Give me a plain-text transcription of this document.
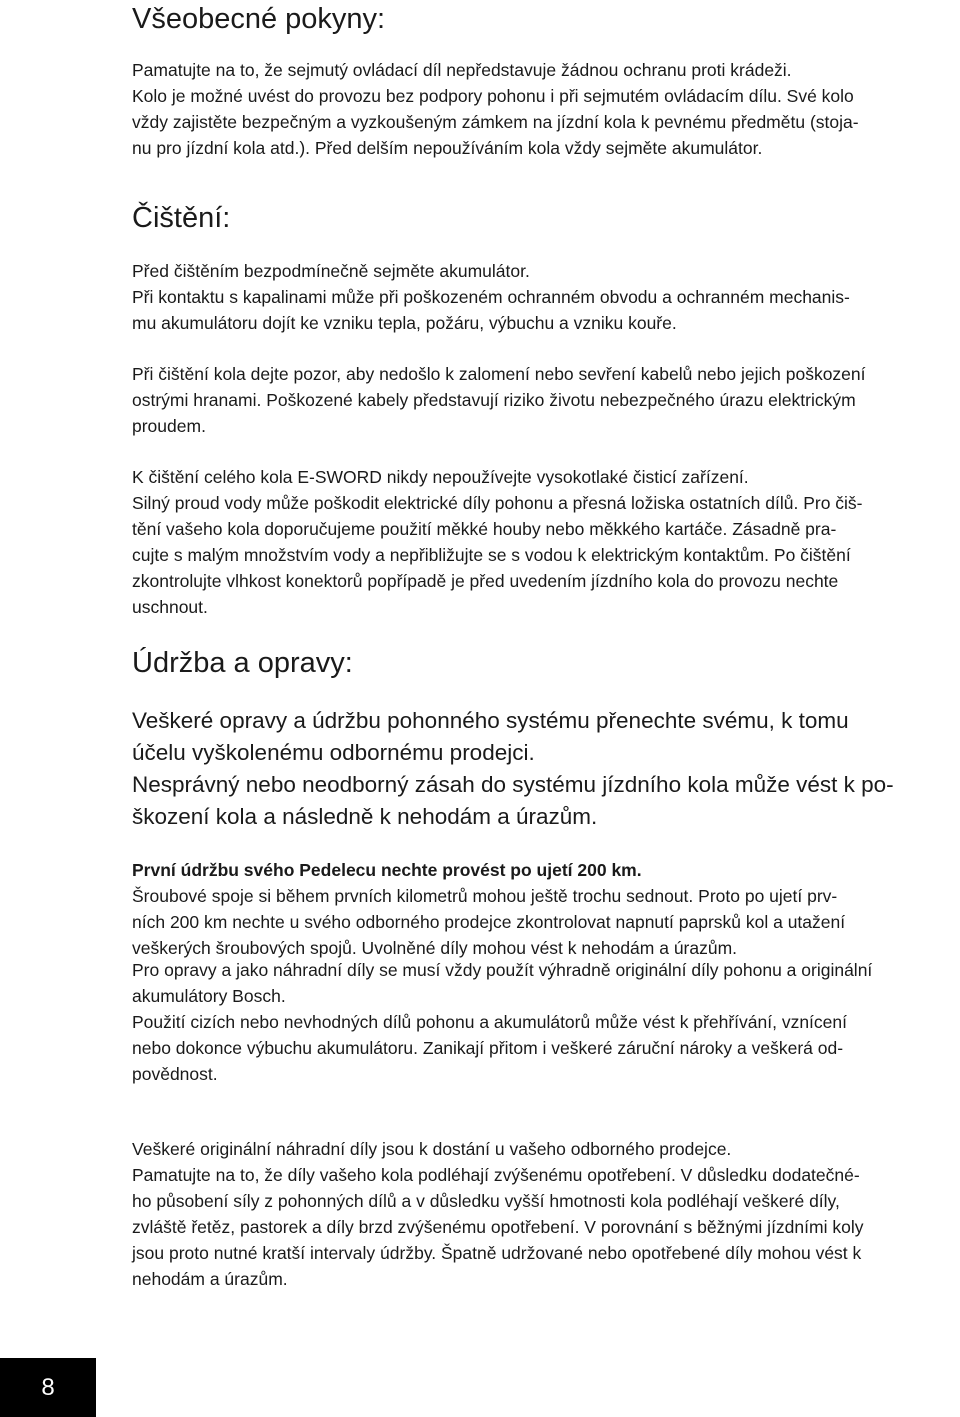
Všeobecné pokyny:

Pamatujte na to, že sejmutý ovládací díl nepředstavuje žádnou ochranu proti krádeži.
Kolo je možné uvést do provozu bez podpory pohonu i při sejmutém ovládacím dílu. Své kolo
vždy zajistěte bezpečným a vyzkoušeným zámkem na jízdní kola k pevnému předmětu (stoja-
nu pro jízdní kola atd.). Před delším nepoužíváním kola vždy sejměte akumulátor.

Čištění:

Před čištěním bezpodmínečně sejměte akumulátor.
Při kontaktu s kapalinami může při poškozeném ochranném obvodu a ochranném mechanis-
mu akumulátoru dojít ke vzniku tepla, požáru, výbuchu a vzniku kouře.

Při čištění kola dejte pozor, aby nedošlo k zalomení nebo sevření kabelů nebo jejich poškození
ostrými hranami. Poškozené kabely představují riziko životu nebezpečného úrazu elektrickým
proudem.

K čištění celého kola E-SWORD nikdy nepoužívejte vysokotlaké čisticí zařízení.
Silný proud vody může poškodit elektrické díly pohonu a přesná ložiska ostatních dílů. Pro čiš-
tění vašeho kola doporučujeme použití měkké houby nebo měkkého kartáče. Zásadně pra-
cujte s malým množstvím vody a nepřibližujte se s vodou k elektrickým kontaktům. Po čištění
zkontrolujte vlhkost konektorů popřípadě je před uvedením jízdního kola do provozu nechte
uschnout.

Údržba a opravy:

Veškeré opravy a údržbu pohonného systému přenechte svému, k tomu
účelu vyškolenému odbornému prodejci.
Nesprávný nebo neodborný zásah do systému jízdního kola může vést k po-
škození kola a následně k nehodám a úrazům.

První údržbu svého Pedelecu nechte provést po ujetí 200 km.
Šroubové spoje si během prvních kilometrů mohou ještě trochu sednout. Proto po ujetí prv-
ních 200 km nechte u svého odborného prodejce zkontrolovat napnutí paprsků kol a utažení
veškerých šroubových spojů. Uvolněné díly mohou vést k nehodám a úrazům.

Pro opravy a jako náhradní díly se musí vždy použít výhradně originální díly pohonu a originální
akumulátory Bosch.
Použití cizích nebo nevhodných dílů pohonu a akumulátorů může vést k přehřívání, vznícení
nebo dokonce výbuchu akumulátoru. Zanikají přitom i veškeré záruční nároky a veškerá od-
povědnost.

Veškeré originální náhradní díly jsou k dostání u vašeho odborného prodejce.
Pamatujte na to, že díly vašeho kola podléhají zvýšenému opotřebení. V důsledku dodatečné-
ho působení síly z pohonných dílů a v důsledku vyšší hmotnosti kola podléhají veškeré díly,
zvláště řetěz, pastorek a díly brzd zvýšenému opotřebení. V porovnání s běžnými jízdními koly
jsou proto nutné kratší intervaly údržby. Špatně udržované nebo opotřebené díly mohou vést k
nehodám a úrazům.

8
